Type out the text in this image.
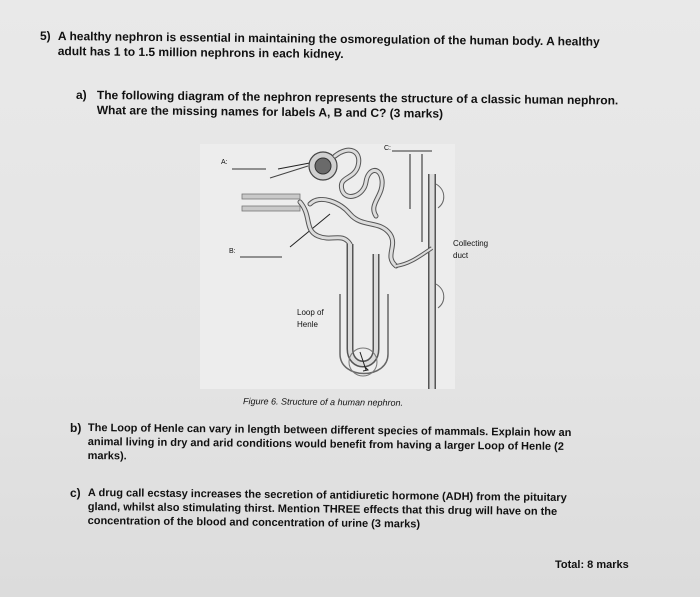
5) A healthy nephron is essential in maintaining the osmoregulation of the human body. A healthy
adult has 1 to 1.5 million nephrons in each kidney.
a) The following diagram of the nephron represents the structure of a classic human nephron.
What are the missing names for labels A, B and C? (3 marks)
A:
B:
C:
Collecting
duct
Loop of
Henle
Figure 6. Structure of a human nephron.
b) The Loop of Henle can vary in length between different species of mammals. Explain how an
animal living in dry and arid conditions would benefit from having a larger Loop of Henle (2
marks).
c) A drug call ecstasy increases the secretion of antidiuretic hormone (ADH) from the pituitary
gland, whilst also stimulating thirst. Mention THREE effects that this drug will have on the
concentration of the blood and concentration of urine (3 marks)
Total: 8 marks
